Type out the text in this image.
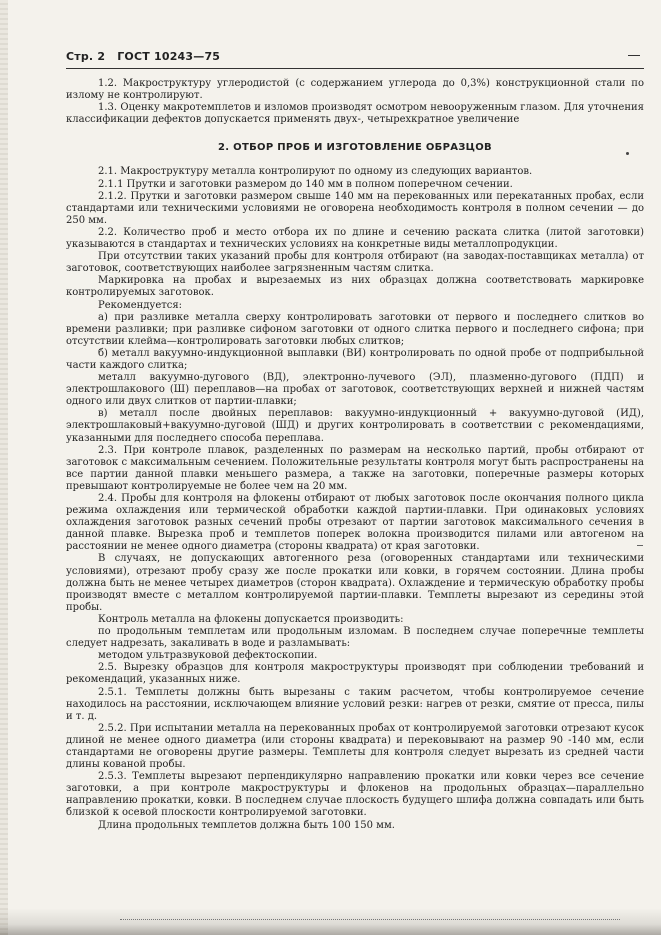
Стр. 2 ГОСТ 10243—75

1.2. Макроструктуру углеродистой (с содержанием углерода до 0,3%) конструкционной стали по излому не контролируют.

1.3. Оценку макротемплетов и изломов производят осмотром невооруженным глазом. Для уточнения классификации дефектов допускается применять двух-, четырехкратное увеличение

2. ОТБОР ПРОБ И ИЗГОТОВЛЕНИЕ ОБРАЗЦОВ

2.1. Макроструктуру металла контролируют по одному из следующих вариантов.

2.1.1 Прутки и заготовки размером до 140 мм в полном поперечном сечении.

2.1.2. Прутки и заготовки размером свыше 140 мм на перекованных или перекатанных пробах, если стандартами или техническими условиями не оговорена необходимость контроля в полном сечении — до 250 мм.

2.2. Количество проб и место отбора их по длине и сечению раската слитка (литой заготовки) указываются в стандартах и технических условиях на конкретные виды металлопродукции.

При отсутствии таких указаний пробы для контроля отбирают (на заводах-поставщиках металла) от заготовок, соответствующих наиболее загрязненным частям слитка.

Маркировка на пробах и вырезаемых из них образцах должна соответствовать маркировке контролируемых заготовок.

Рекомендуется:

а) при разливке металла сверху контролировать заготовки от первого и последнего слитков во времени разливки; при разливке сифоном заготовки от одного слитка первого и последнего сифона; при отсутствии клейма—контролировать заготовки любых слитков;

б) металл вакуумно-индукционной выплавки (ВИ) контролировать по одной пробе от подприбыльной части каждого слитка;

металл вакуумно-дугового (ВД), электронно-лучевого (ЭЛ), плазменно-дугового (ПДП) и электрошлакового (Ш) переплавов—на пробах от заготовок, соответствующих верхней и нижней частям одного или двух слитков от партии-плавки;

в) металл после двойных переплавов: вакуумно-индукционный + вакуумно-дуговой (ИД), электрошлаковый+вакуумно-дуговой (ШД) и других контролировать в соответствии с рекомендациями, указанными для последнего способа переплава.

2.3. При контроле плавок, разделенных по размерам на несколько партий, пробы отбирают от заготовок с максимальным сечением. Положительные результаты контроля могут быть распространены на все партии данной плавки меньшего размера, а также на заготовки, поперечные размеры которых превышают контролируемые не более чем на 20 мм.

2.4. Пробы для контроля на флокены отбирают от любых заготовок после окончания полного цикла режима охлаждения или термической обработки каждой партии-плавки. При одинаковых условиях охлаждения заготовок разных сечений пробы отрезают от партии заготовок максимального сечения в данной плавке. Вырезка проб и темплетов поперек волокна производится пилами или автогеном на расстоянии не менее одного диаметра (стороны квадрата) от края заготовки.

В случаях, не допускающих автогенного реза (оговоренных стандартами или техническими условиями), отрезают пробу сразу же после прокатки или ковки, в горячем состоянии. Длина пробы должна быть не менее четырех диаметров (сторон квадрата). Охлаждение и термическую обработку пробы производят вместе с металлом контролируемой партии-плавки. Темплеты вырезают из середины этой пробы.

Контроль металла на флокены допускается производить:

по продольным темплетам или продольным изломам. В последнем случае поперечные темплеты следует надрезать, закаливать в воде и разламывать:

методом ультразвуковой дефектоскопии.

2.5. Вырезку образцов для контроля макроструктуры производят при соблюдении требований и рекомендаций, указанных ниже.

2.5.1. Темплеты должны быть вырезаны с таким расчетом, чтобы контролируемое сечение находилось на расстоянии, исключающем влияние условий резки: нагрев от резки, смятие от пресса, пилы и т. д.

2.5.2. При испытании металла на перекованных пробах от контролируемой заготовки отрезают кусок длиной не менее одного диаметра (или стороны квадрата) и перековывают на размер 90 -140 мм, если стандартами не оговорены другие размеры. Темплеты для контроля следует вырезать из средней части длины кованой пробы.

2.5.3. Темплеты вырезают перпендикулярно направлению прокатки или ковки через все сечение заготовки, а при контроле макроструктуры и флокенов на продольных образцах—параллельно направлению прокатки, ковки. В последнем случае плоскость будущего шлифа должна совпадать или быть близкой к осевой плоскости контролируемой заготовки.

Длина продольных темплетов должна быть 100 150 мм.
